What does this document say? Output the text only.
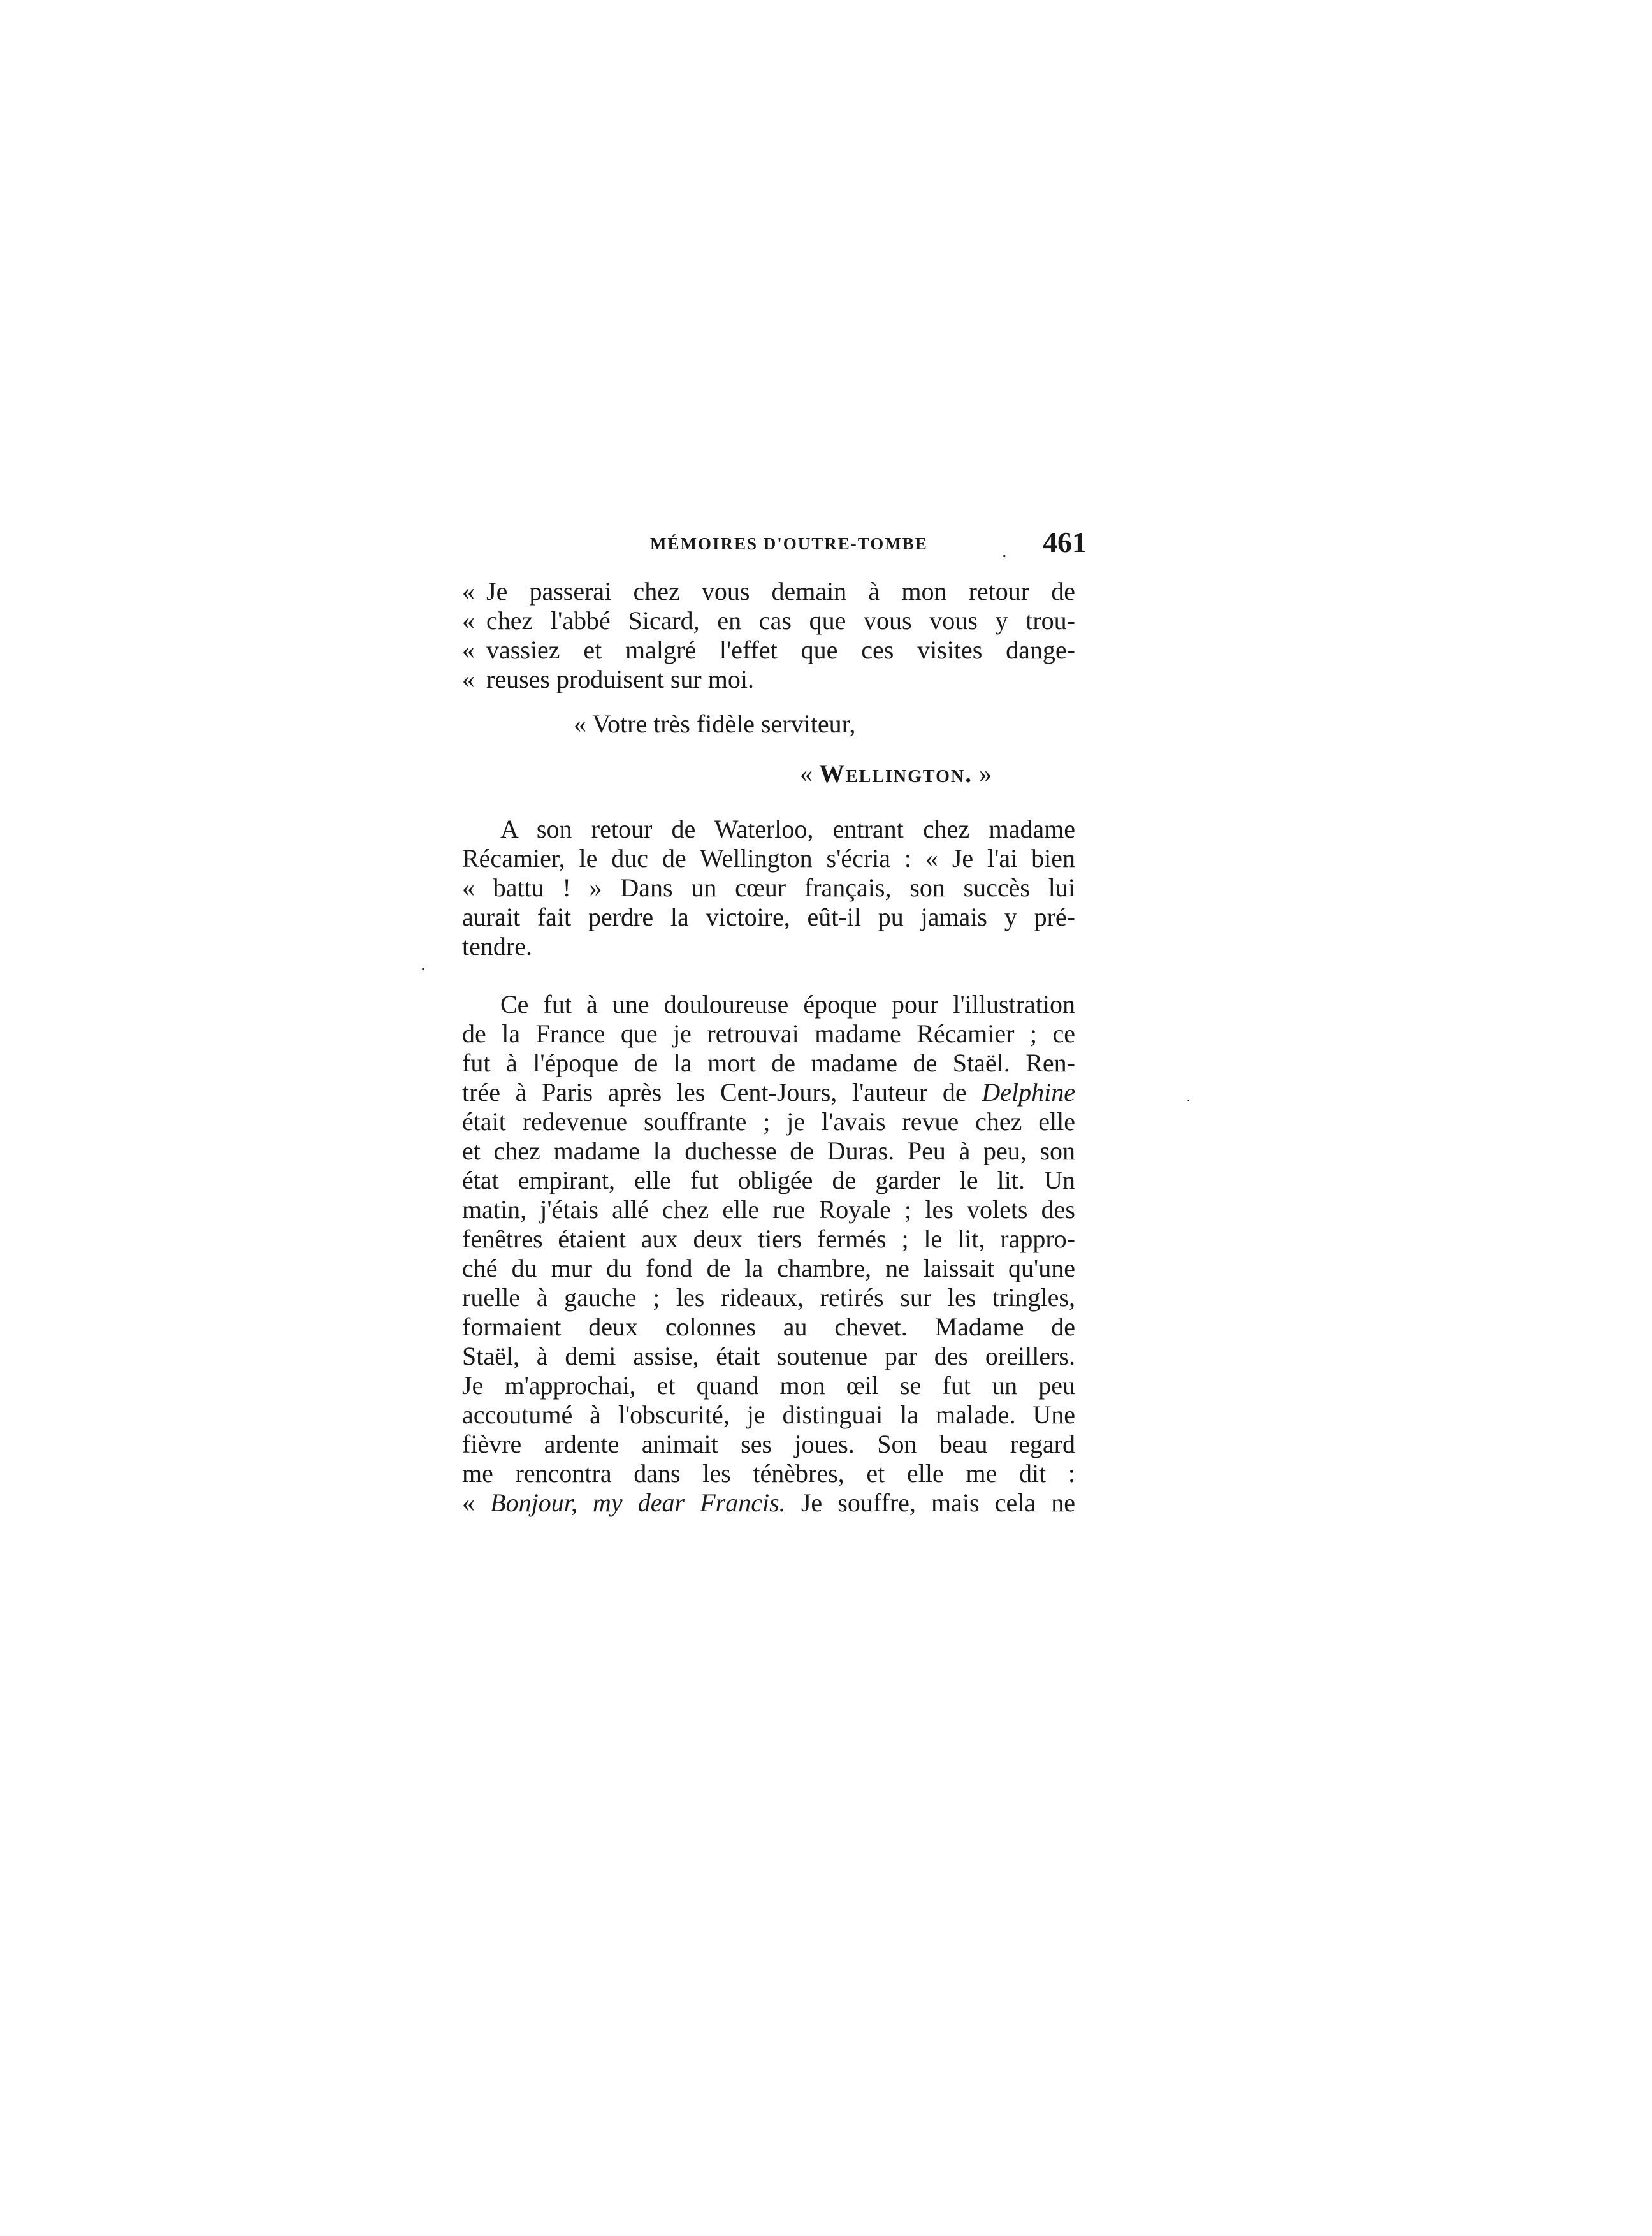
MÉMOIRES D'OUTRE-TOMBE	461
.
.
.
« Je passerai chez vous demain à mon retour de
« chez l'abbé Sicard, en cas que vous vous y trou-
« vassiez et malgré l'effet que ces visites dange-
« reuses produisent sur moi.
« Votre très fidèle serviteur,
« Wellington. »
A son retour de Waterloo, entrant chez madame
Récamier, le duc de Wellington s'écria : « Je l'ai bien
« battu ! » Dans un cœur français, son succès lui
aurait fait perdre la victoire, eût-il pu jamais y pré-
tendre.
Ce fut à une douloureuse époque pour l'illustration
de la France que je retrouvai madame Récamier ; ce
fut à l'époque de la mort de madame de Staël. Ren-
trée à Paris après les Cent-Jours, l'auteur de Delphine
était redevenue souffrante ; je l'avais revue chez elle
et chez madame la duchesse de Duras. Peu à peu, son
état empirant, elle fut obligée de garder le lit. Un
matin, j'étais allé chez elle rue Royale ; les volets des
fenêtres étaient aux deux tiers fermés ; le lit, rappro-
ché du mur du fond de la chambre, ne laissait qu'une
ruelle à gauche ; les rideaux, retirés sur les tringles,
formaient deux colonnes au chevet. Madame de
Staël, à demi assise, était soutenue par des oreillers.
Je m'approchai, et quand mon œil se fut un peu
accoutumé à l'obscurité, je distinguai la malade. Une
fièvre ardente animait ses joues. Son beau regard
me rencontra dans les ténèbres, et elle me dit :
« Bonjour, my dear Francis. Je souffre, mais cela ne
